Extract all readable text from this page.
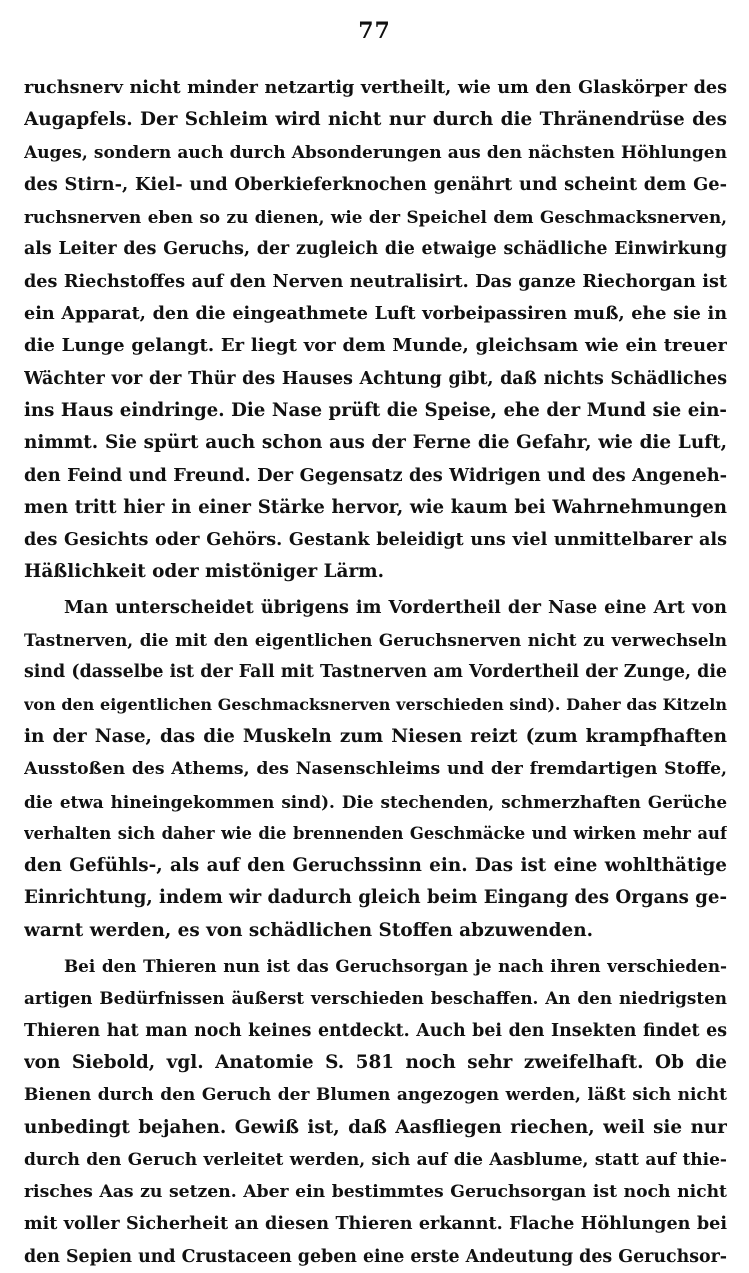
77
ruchsnerv nicht minder netzartig vertheilt, wie um den Glaskörper des
Augapfels. Der Schleim wird nicht nur durch die Thränendrüse des
Auges, sondern auch durch Absonderungen aus den nächsten Höhlungen
des Stirn-, Kiel- und Oberkieferknochen genährt und scheint dem Ge-
ruchsnerven eben so zu dienen, wie der Speichel dem Geschmacksnerven,
als Leiter des Geruchs, der zugleich die etwaige schädliche Einwirkung
des Riechstoffes auf den Nerven neutralisirt. Das ganze Riechorgan ist
ein Apparat, den die eingeathmete Luft vorbeipassiren muß, ehe sie in
die Lunge gelangt. Er liegt vor dem Munde, gleichsam wie ein treuer
Wächter vor der Thür des Hauses Achtung gibt, daß nichts Schädliches
ins Haus eindringe. Die Nase prüft die Speise, ehe der Mund sie ein-
nimmt. Sie spürt auch schon aus der Ferne die Gefahr, wie die Luft,
den Feind und Freund. Der Gegensatz des Widrigen und des Angeneh-
men tritt hier in einer Stärke hervor, wie kaum bei Wahrnehmungen
des Gesichts oder Gehörs. Gestank beleidigt uns viel unmittelbarer als
Häßlichkeit oder mistöniger Lärm.
Man unterscheidet übrigens im Vordertheil der Nase eine Art von
Tastnerven, die mit den eigentlichen Geruchsnerven nicht zu verwechseln
sind (dasselbe ist der Fall mit Tastnerven am Vordertheil der Zunge, die
von den eigentlichen Geschmacksnerven verschieden sind). Daher das Kitzeln
in der Nase, das die Muskeln zum Niesen reizt (zum krampfhaften
Ausstoßen des Athems, des Nasenschleims und der fremdartigen Stoffe,
die etwa hineingekommen sind). Die stechenden, schmerzhaften Gerüche
verhalten sich daher wie die brennenden Geschmäcke und wirken mehr auf
den Gefühls-, als auf den Geruchssinn ein. Das ist eine wohlthätige
Einrichtung, indem wir dadurch gleich beim Eingang des Organs ge-
warnt werden, es von schädlichen Stoffen abzuwenden.
Bei den Thieren nun ist das Geruchsorgan je nach ihren verschieden-
artigen Bedürfnissen äußerst verschieden beschaffen. An den niedrigsten
Thieren hat man noch keines entdeckt. Auch bei den Insekten findet es
von Siebold, vgl. Anatomie S. 581 noch sehr zweifelhaft. Ob die
Bienen durch den Geruch der Blumen angezogen werden, läßt sich nicht
unbedingt bejahen. Gewiß ist, daß Aasfliegen riechen, weil sie nur
durch den Geruch verleitet werden, sich auf die Aasblume, statt auf thie-
risches Aas zu setzen. Aber ein bestimmtes Geruchsorgan ist noch nicht
mit voller Sicherheit an diesen Thieren erkannt. Flache Höhlungen bei
den Sepien und Crustaceen geben eine erste Andeutung des Geruchsor-
